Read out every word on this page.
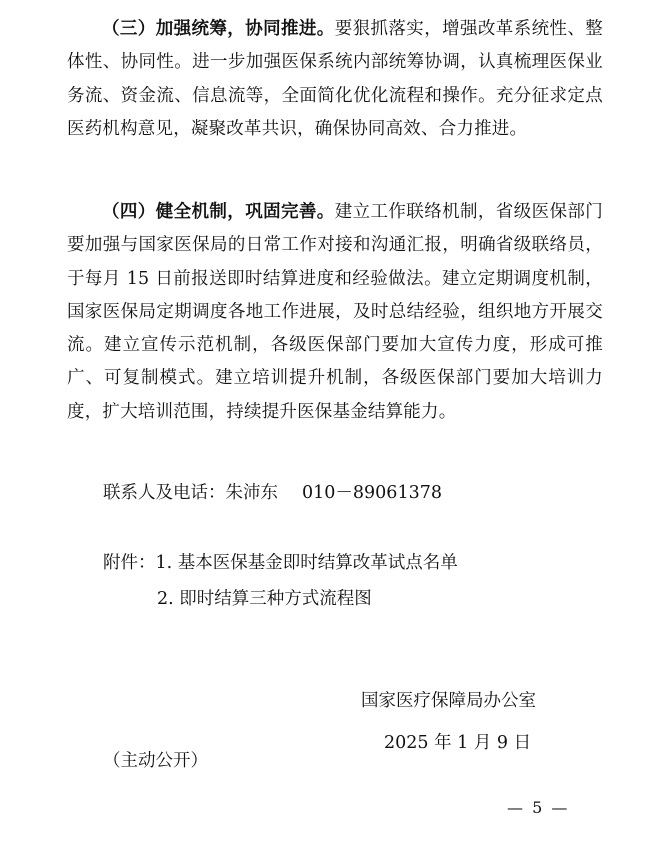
（三）加强统筹，协同推进。要狠抓落实，增强改革系统性、整体性、协同性。进一步加强医保系统内部统筹协调，认真梳理医保业务流、资金流、信息流等，全面简化优化流程和操作。充分征求定点医药机构意见，凝聚改革共识，确保协同高效、合力推进。

（四）健全机制，巩固完善。建立工作联络机制，省级医保部门要加强与国家医保局的日常工作对接和沟通汇报，明确省级联络员，于每月 15 日前报送即时结算进度和经验做法。建立定期调度机制，国家医保局定期调度各地工作进展，及时总结经验，组织地方开展交流。建立宣传示范机制，各级医保部门要加大宣传力度，形成可推广、可复制模式。建立培训提升机制，各级医保部门要加大培训力度，扩大培训范围，持续提升医保基金结算能力。

联系人及电话：朱沛东 010－89061378

附件：1. 基本医保基金即时结算改革试点名单

2. 即时结算三种方式流程图

国家医疗保障局办公室

2025 年 1 月 9 日

（主动公开）

— 5 —
